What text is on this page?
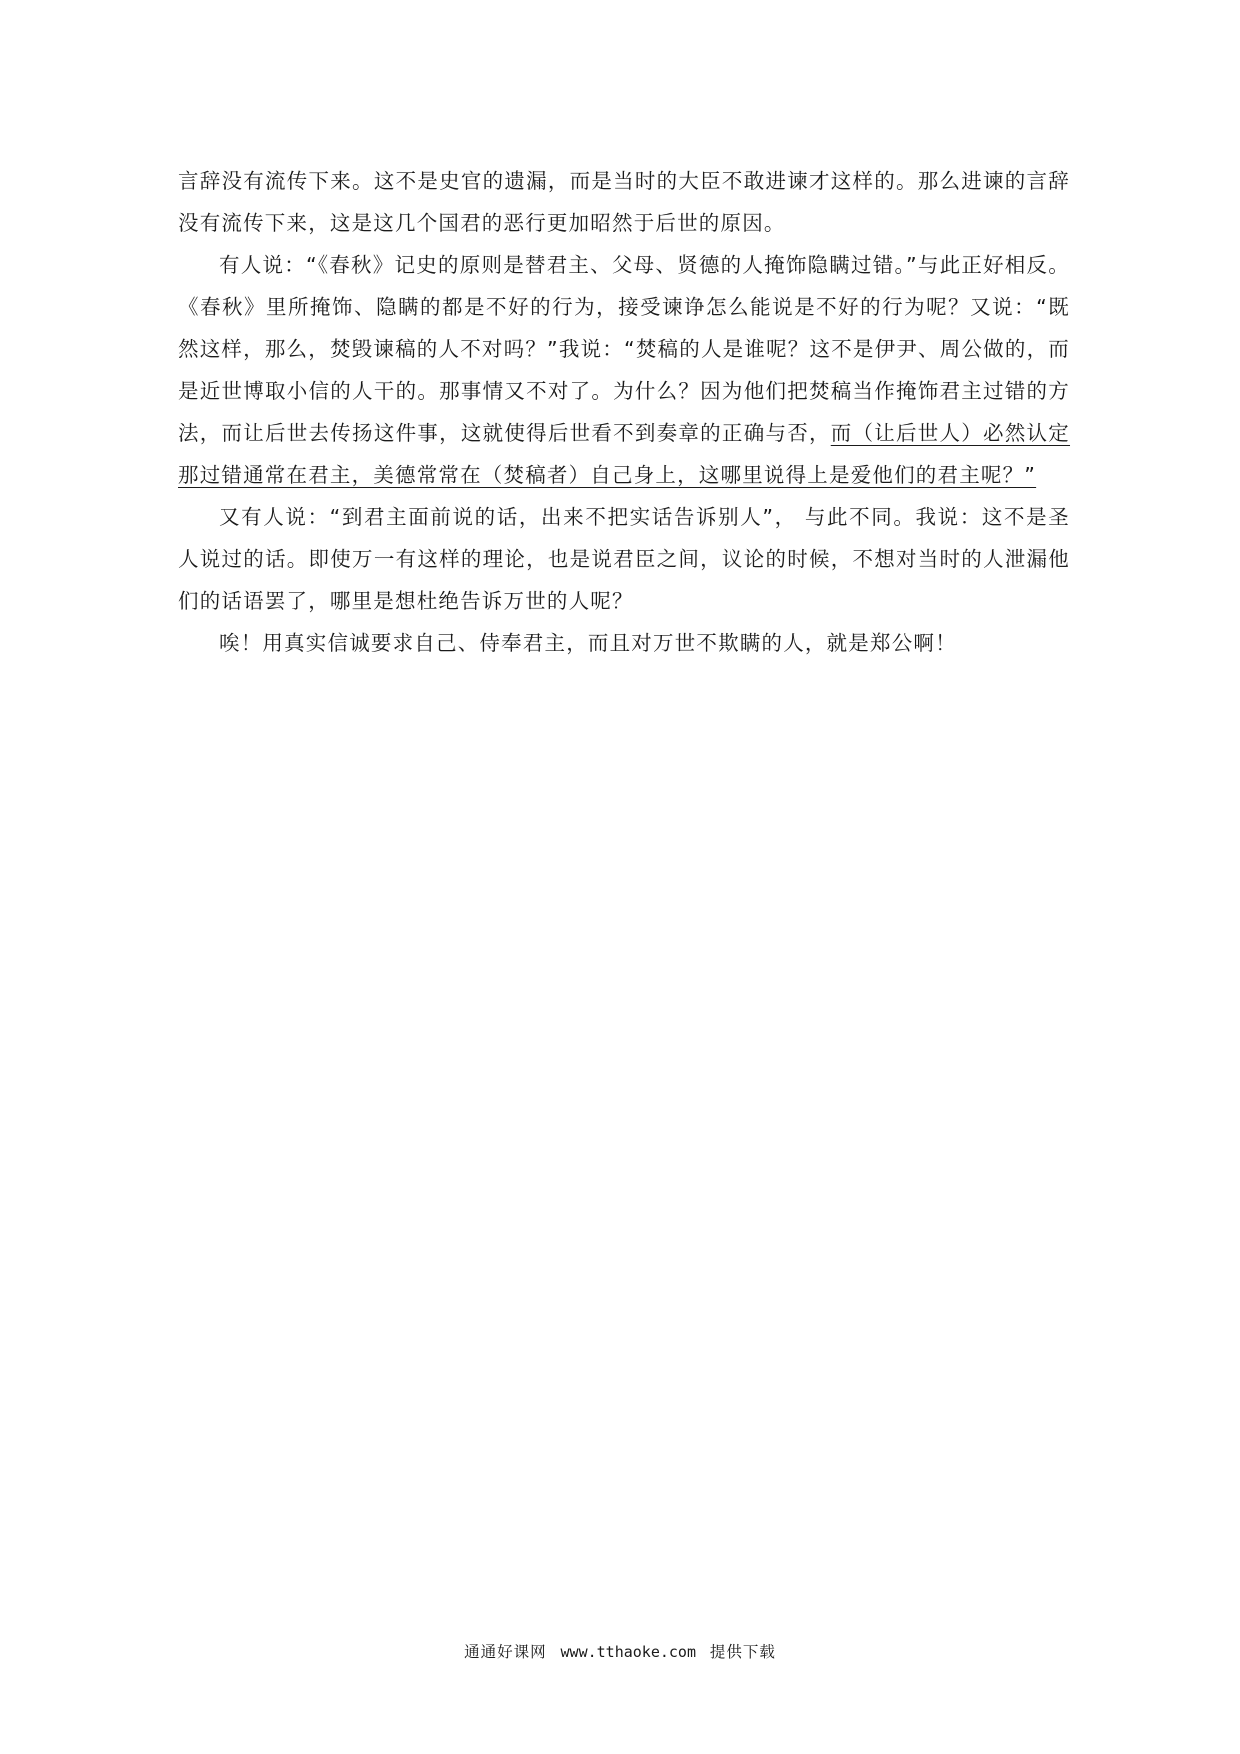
言辞没有流传下来。这不是史官的遗漏，而是当时的大臣不敢进谏才这样的。那么进谏的言辞没有流传下来，这是这几个国君的恶行更加昭然于后世的原因。

有人说：“《春秋》记史的原则是替君主、父母、贤德的人掩饰隐瞒过错。”与此正好相反。《春秋》里所掩饰、隐瞒的都是不好的行为，接受谏诤怎么能说是不好的行为呢？又说：“既然这样，那么，焚毁谏稿的人不对吗？”我说：“焚稿的人是谁呢？这不是伊尹、周公做的，而是近世博取小信的人干的。那事情又不对了。为什么？因为他们把焚稿当作掩饰君主过错的方法，而让后世去传扬这件事，这就使得后世看不到奏章的正确与否，而（让后世人）必然认定那过错通常在君主，美德常常在（焚稿者）自己身上，这哪里说得上是爱他们的君主呢？”

又有人说：“到君主面前说的话，出来不把实话告诉别人”， 与此不同。我说：这不是圣人说过的话。即使万一有这样的理论，也是说君臣之间，议论的时候，不想对当时的人泄漏他们的话语罢了，哪里是想杜绝告诉万世的人呢？

唉！用真实信诚要求自己、侍奉君主，而且对万世不欺瞒的人，就是郑公啊！

通通好课网 www.tthaoke.com 提供下载
